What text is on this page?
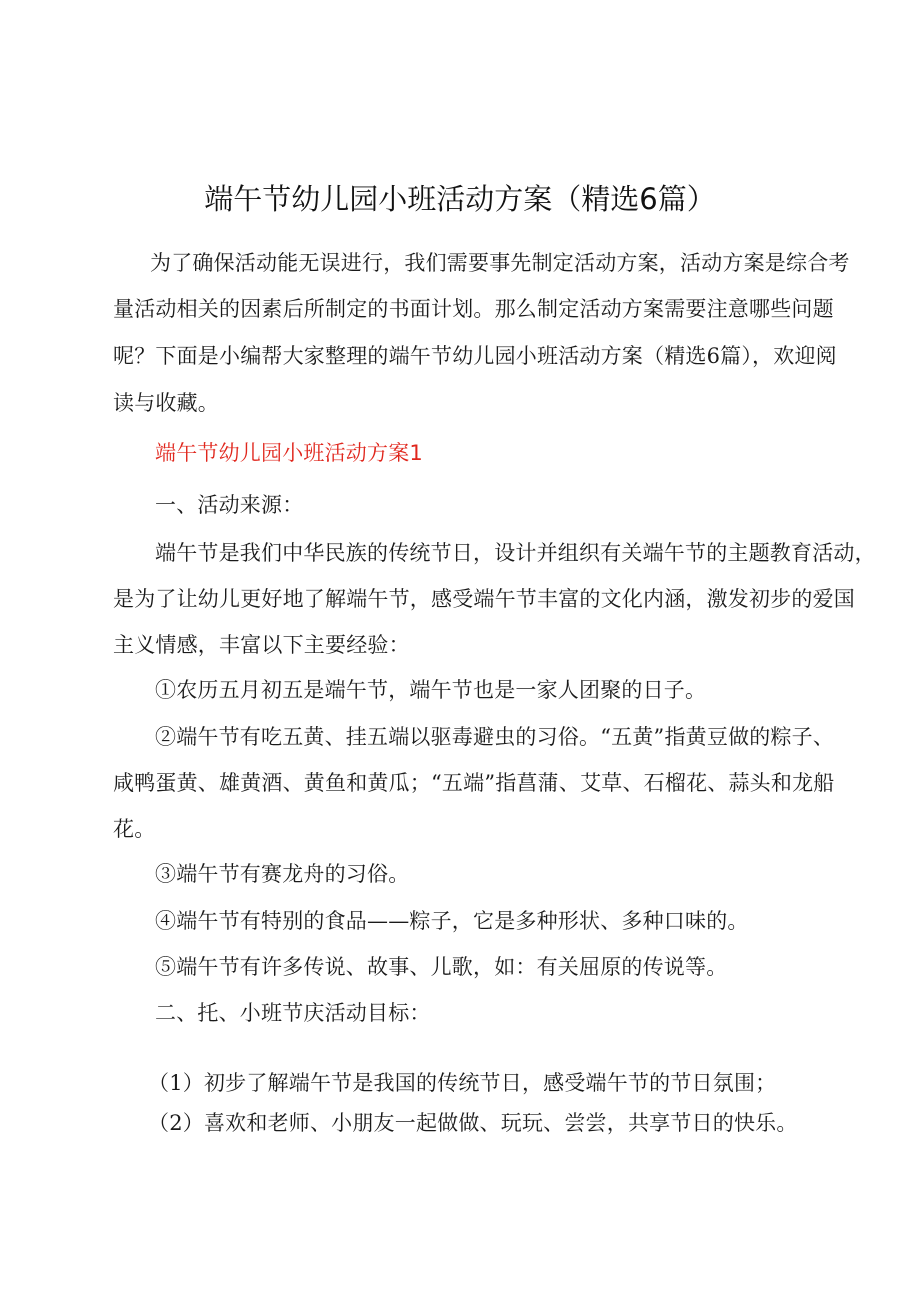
端午节幼儿园小班活动方案（精选6篇）
为了确保活动能无误进行，我们需要事先制定活动方案，活动方案是综合考
量活动相关的因素后所制定的书面计划。那么制定活动方案需要注意哪些问题
呢？下面是小编帮大家整理的端午节幼儿园小班活动方案（精选6篇），欢迎阅
读与收藏。
端午节幼儿园小班活动方案1
一、活动来源：
端午节是我们中华民族的传统节日，设计并组织有关端午节的主题教育活动，
是为了让幼儿更好地了解端午节，感受端午节丰富的文化内涵，激发初步的爱国
主义情感，丰富以下主要经验：
①农历五月初五是端午节，端午节也是一家人团聚的日子。
②端午节有吃五黄、挂五端以驱毒避虫的习俗。“五黄”指黄豆做的粽子、
咸鸭蛋黄、雄黄酒、黄鱼和黄瓜；“五端”指菖蒲、艾草、石榴花、蒜头和龙船
花。
③端午节有赛龙舟的习俗。
④端午节有特别的食品——粽子，它是多种形状、多种口味的。
⑤端午节有许多传说、故事、儿歌，如：有关屈原的传说等。
二、托、小班节庆活动目标：
（1）初步了解端午节是我国的传统节日，感受端午节的节日氛围；
（2）喜欢和老师、小朋友一起做做、玩玩、尝尝，共享节日的快乐。
